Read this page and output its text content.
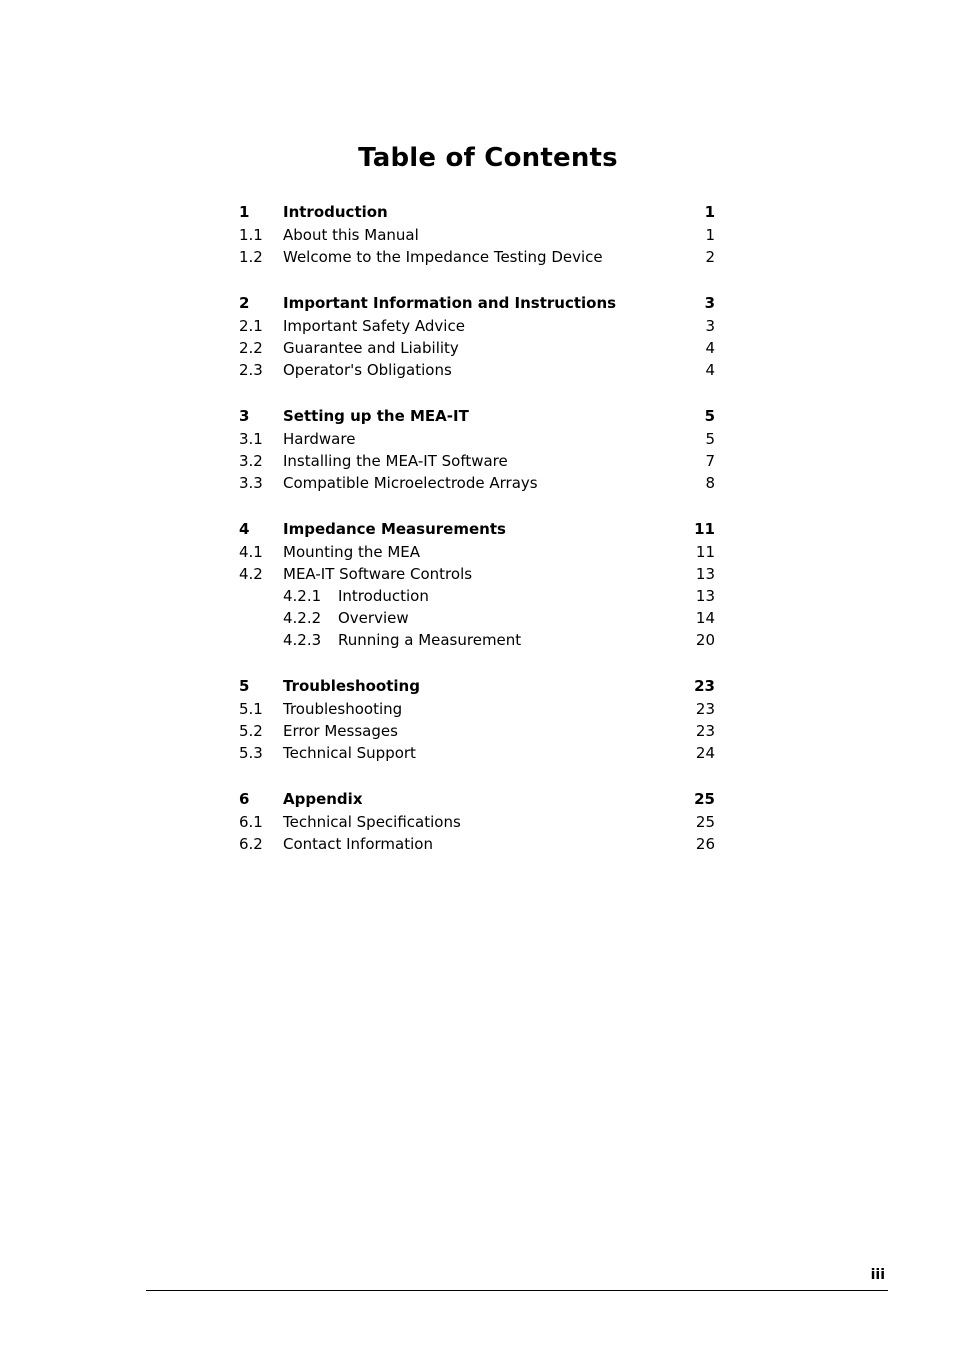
Table of Contents
1 Introduction	1
1.1 About this Manual	1
1.2 Welcome to the Impedance Testing Device	2
2 Important Information and Instructions	3
2.1 Important Safety Advice	3
2.2 Guarantee and Liability	4
2.3 Operator's Obligations	4
3 Setting up the MEA-IT	5
3.1 Hardware	5
3.2 Installing the MEA-IT Software	7
3.3 Compatible Microelectrode Arrays	8
4 Impedance Measurements	11
4.1 Mounting the MEA	11
4.2 MEA-IT Software Controls	13
4.2.1 Introduction	13
4.2.2 Overview	14
4.2.3 Running a Measurement	20
5 Troubleshooting	23
5.1 Troubleshooting	23
5.2 Error Messages	23
5.3 Technical Support	24
6 Appendix	25
6.1 Technical Specifications	25
6.2 Contact Information	26
iii
